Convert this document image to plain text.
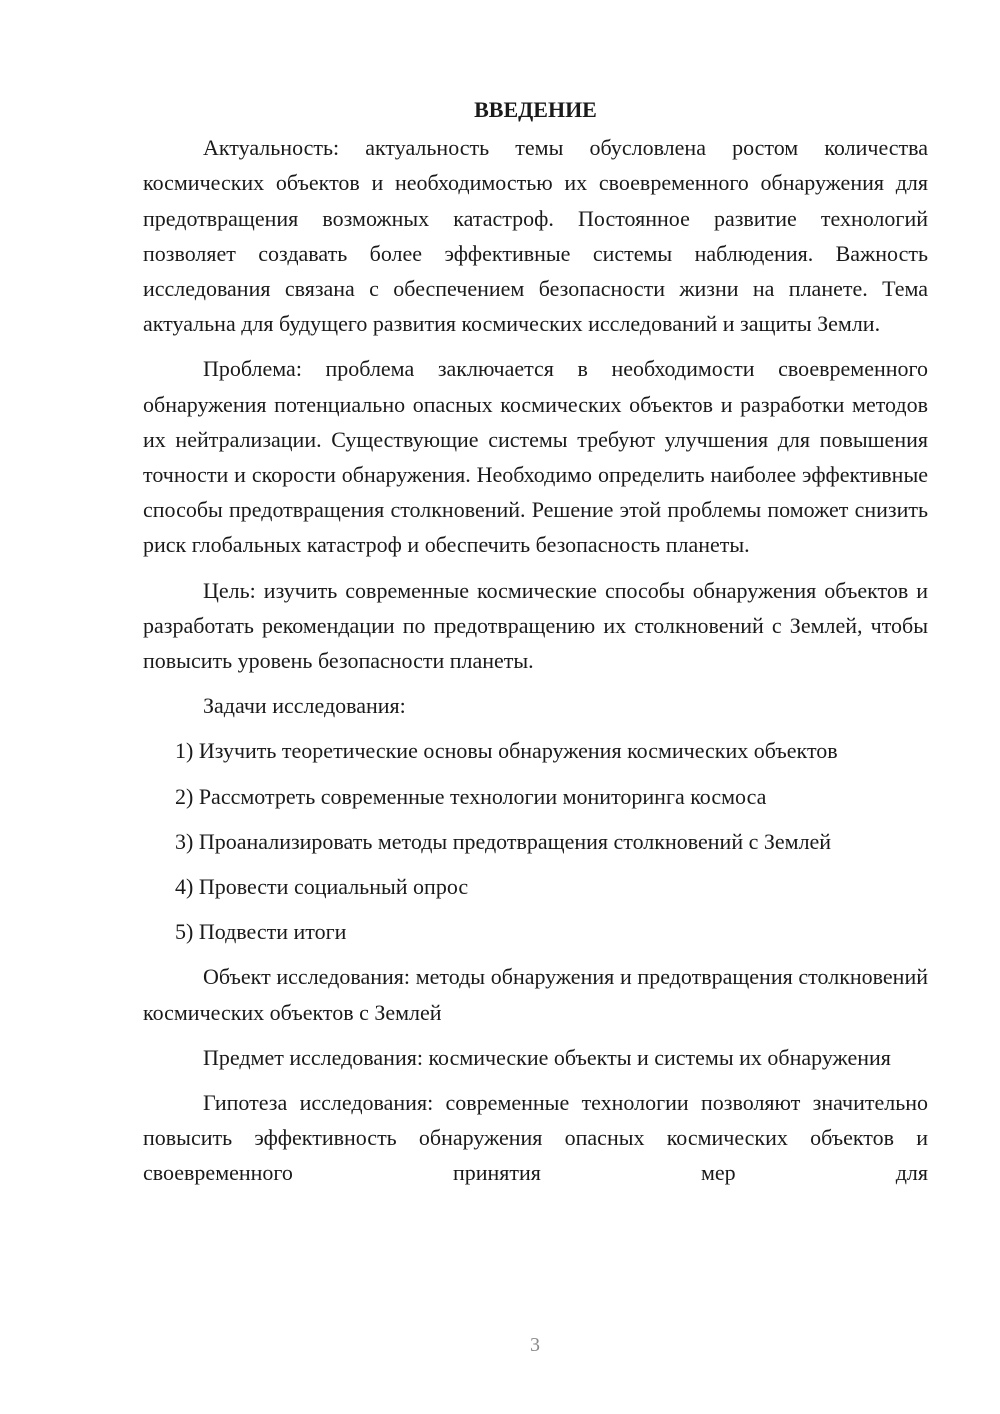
ВВЕДЕНИЕ

Актуальность: актуальность темы обусловлена ростом количества космических объектов и необходимостью их своевременного обнаружения для предотвращения возможных катастроф. Постоянное развитие технологий позволяет создавать более эффективные системы наблюдения. Важность исследования связана с обеспечением безопасности жизни на планете. Тема актуальна для будущего развития космических исследований и защиты Земли.

Проблема: проблема заключается в необходимости своевременного обнаружения потенциально опасных космических объектов и разработки методов их нейтрализации. Существующие системы требуют улучшения для повышения точности и скорости обнаружения. Необходимо определить наиболее эффективные способы предотвращения столкновений. Решение этой проблемы поможет снизить риск глобальных катастроф и обеспечить безопасность планеты.

Цель: изучить современные космические способы обнаружения объектов и разработать рекомендации по предотвращению их столкновений с Землей, чтобы повысить уровень безопасности планеты.

Задачи исследования:

1) Изучить теоретические основы обнаружения космических объектов
2) Рассмотреть современные технологии мониторинга космоса
3) Проанализировать методы предотвращения столкновений с Землей
4) Провести социальный опрос
5) Подвести итоги

Объект исследования: методы обнаружения и предотвращения столкновений космических объектов с Землей

Предмет исследования: космические объекты и системы их обнаружения

Гипотеза исследования: современные технологии позволяют значительно повысить эффективность обнаружения опасных космических объектов и своевременного принятия мер для

3
